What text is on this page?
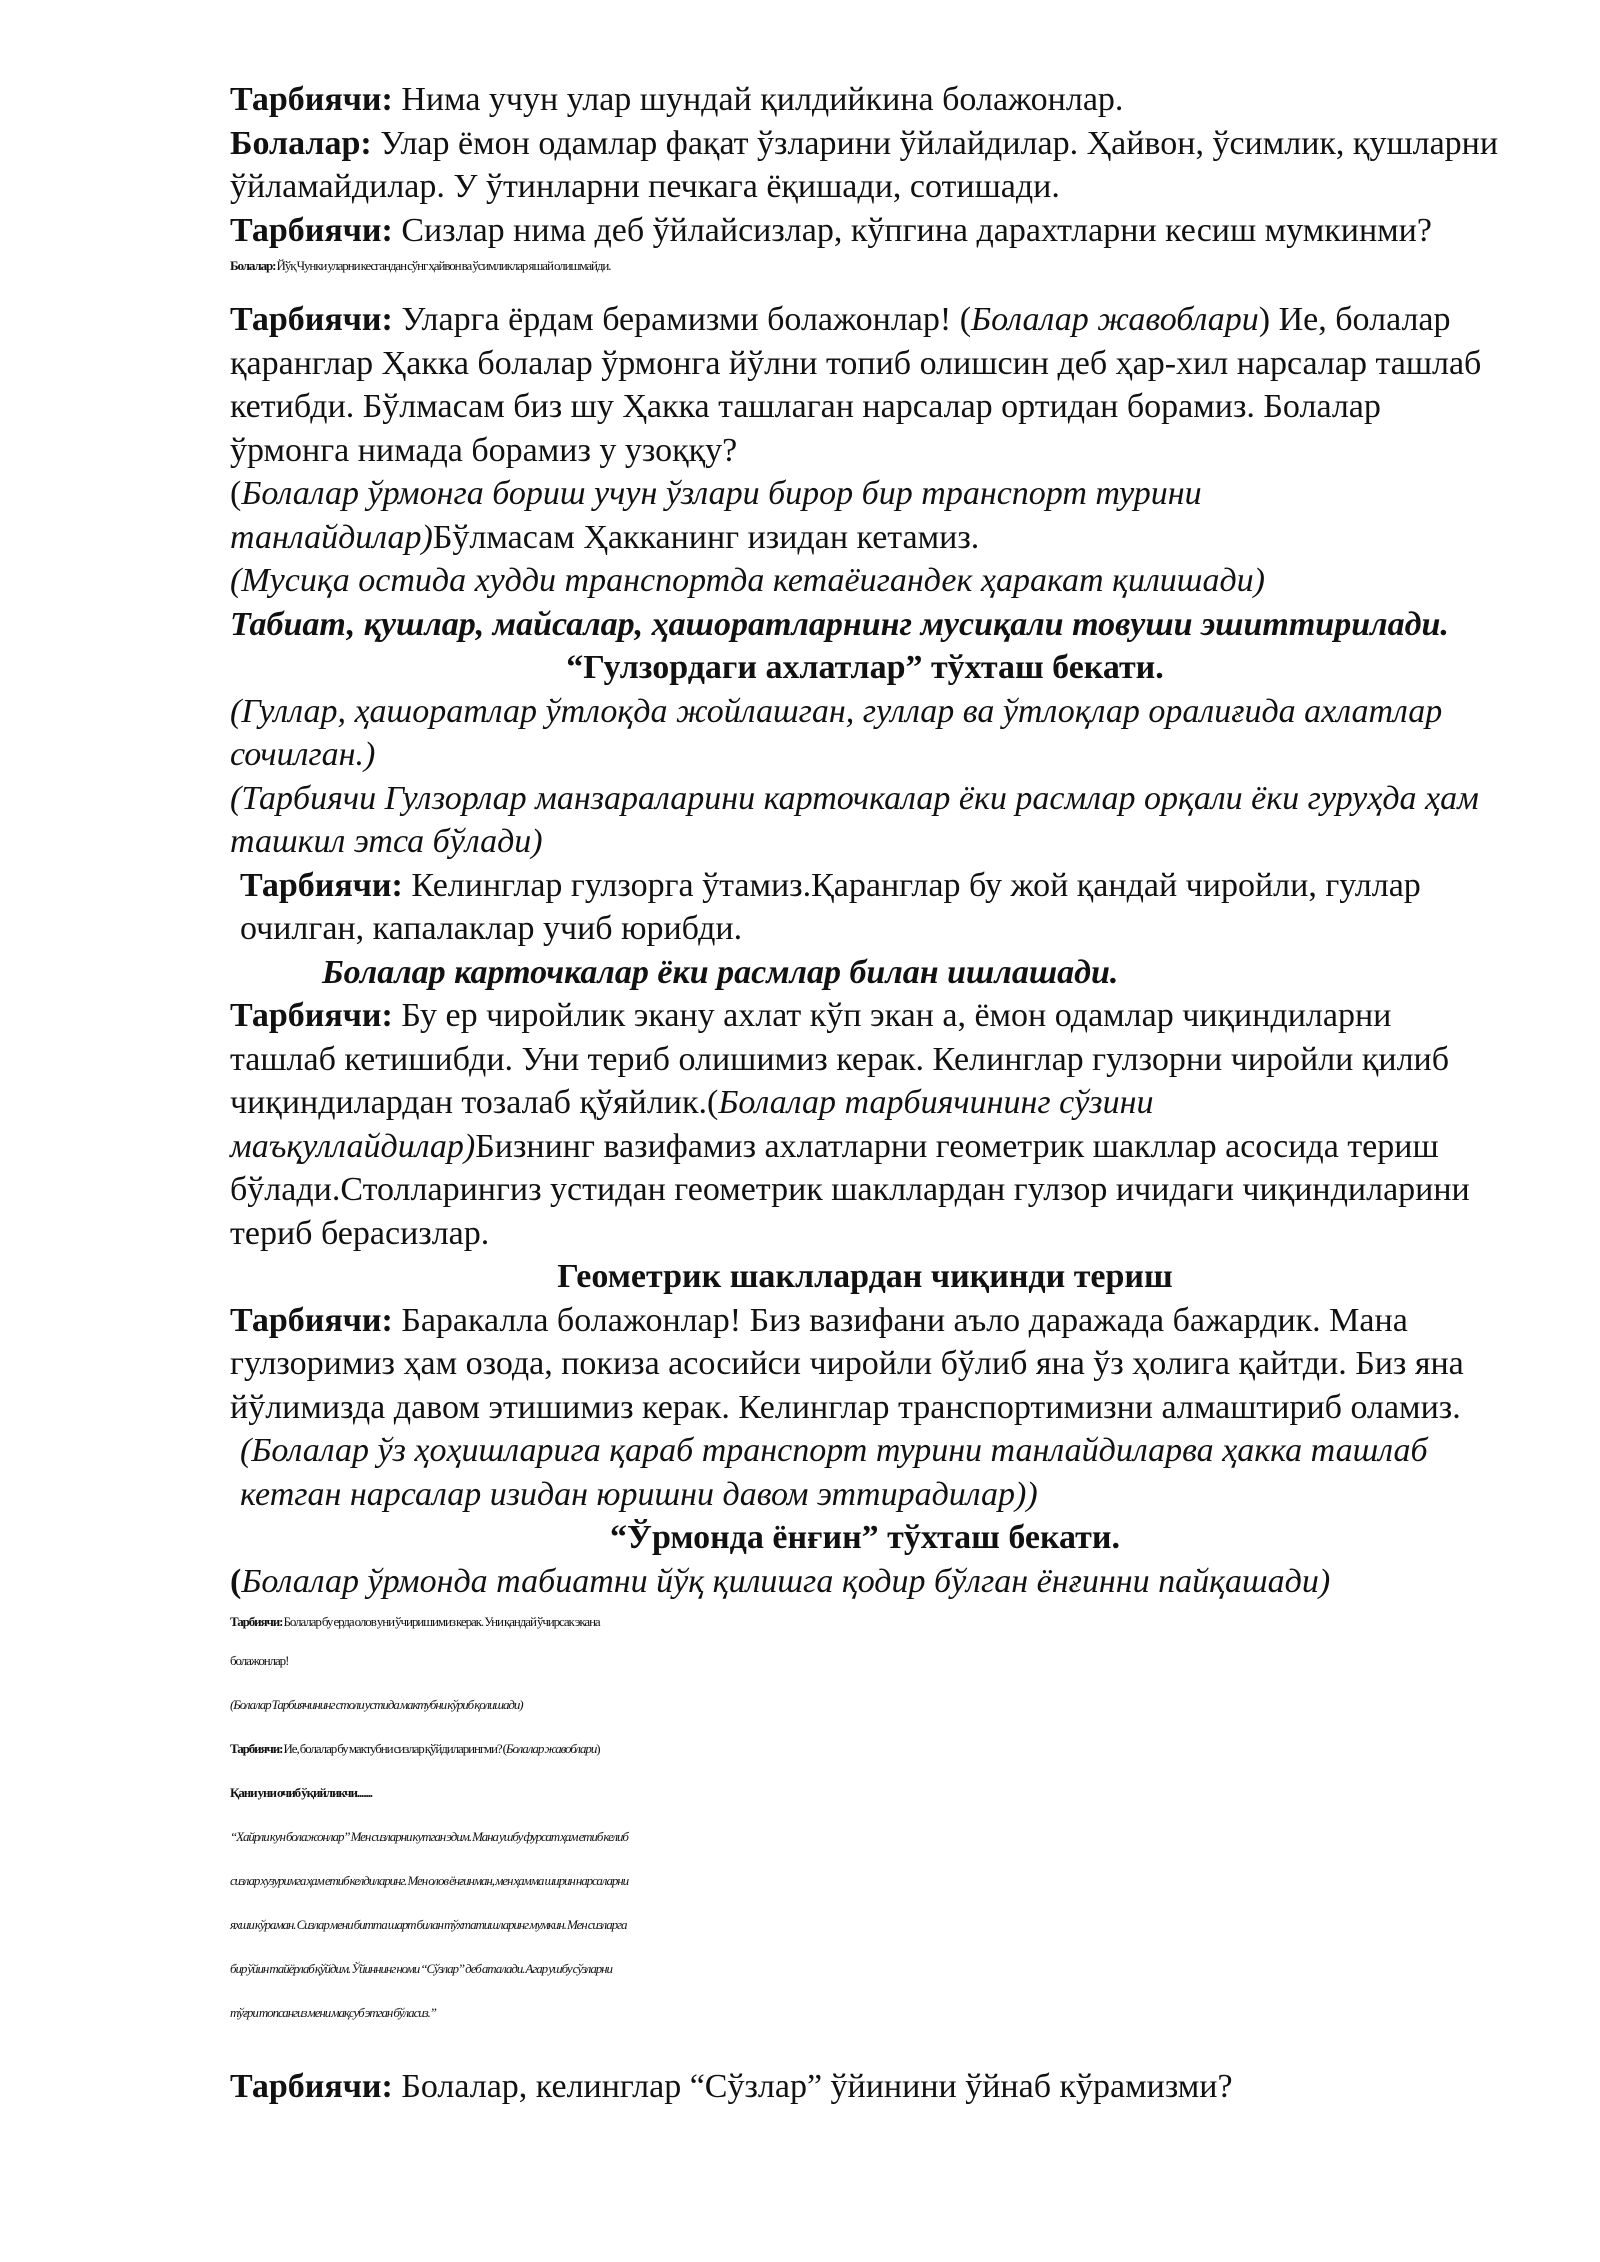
Тарбиячи: Нима учун улар шундай қилдийкина болажонлар.

Болалар: Улар ёмон одамлар фақат ўзларини ўйлайдилар. Ҳайвон, ўсимлик, қушларни ўйламайдилар. У ўтинларни печкага ёқишади, сотишади.

Тарбиячи: Сизлар нима деб ўйлайсизлар, кўпгина дарахтларни кесиш мумкинми?

Болалар: Йўқ Чунки уларни кесгандан сўнг ҳайвон ва ўсимликлар яшай олишмайди.

Тарбиячи: Уларга ёрдам берамизми болажонлар! (Болалар жавоблари) Ие, болалар қаранглар Ҳакка болалар ўрмонга йўлни топиб олишсин деб ҳар-хил нарсалар ташлаб кетибди. Бўлмасам биз шу Ҳакка ташлаган нарсалар ортидан борамиз. Болалар ўрмонга нимада борамиз у узоққу?

(Болалар ўрмонга бориш учун ўзлари бирор бир транспорт турини танлайдилар)Бўлмасам Ҳакканинг изидан кетамиз.

(Мусиқа остида худди транспортда кетаёигандек ҳаракат қилишади)

Табиат, қушлар, майсалар, ҳашоратларнинг мусиқали товуши эшиттирилади.

“Гулзордаги ахлатлар” тўхташ бекати.

(Гуллар, ҳашоратлар ўтлоқда жойлашган, гуллар ва ўтлоқлар оралиғида ахлатлар сочилган.)

(Тарбиячи Гулзорлар манзараларини карточкалар ёки расмлар орқали ёки гуруҳда ҳам ташкил этса бўлади)

Тарбиячи: Келинглар гулзорга ўтамиз.Қаранглар бу жой қандай чиройли, гуллар очилган, капалаклар учиб юрибди.

Болалар карточкалар ёки расмлар билан ишлашади.

Тарбиячи: Бу ер чиройлик экану ахлат кўп экан а, ёмон одамлар чиқиндиларни ташлаб кетишибди. Уни териб олишимиз керак. Келинглар гулзорни чиройли қилиб чиқиндилардан тозалаб қўяйлик.(Болалар тарбиячининг сўзини маъқуллайдилар)Бизнинг вазифамиз ахлатларни геометрик шакллар асосида териш бўлади.Столларингиз устидан геометрик шакллардан гулзор ичидаги чиқиндиларини териб берасизлар.

Геометрик шакллардан чиқинди териш

Тарбиячи: Баракалла болажонлар! Биз вазифани аъло даражада бажардик. Мана гулзоримиз ҳам озода, покиза асосийси чиройли бўлиб яна ўз ҳолига қайтди. Биз яна йўлимизда давом этишимиз керак. Келинглар транспортимизни алмаштириб оламиз.

(Болалар ўз ҳоҳишларига қараб транспорт турини танлайдиларва ҳакка ташлаб кетган нарсалар изидан юришни давом эттирадилар))

“Ўрмонда ёнғин” тўхташ бекати.

(Болалар ўрмонда табиатни йўқ қилишга қодир бўлган ёнғинни пайқашади)

Тарбиячи: Болалар бу ерда олов уни ўчиришимиз керак. Уни қандай ўчирсак экана

болажонлар!

(Болалар Тарбиячининг столи устида мактубни кўриб қолишади)

Тарбиячи: Ие, болалар бу мактубни сизлар қўйдиларингми? (Болалар жавоблари)

Қани уни очиб ўқийликчи.......

“Хайрли кун болажонлар” Мен сизларни кутган эдим. Мана ушбу фурсат ҳам етиб келиб

сизлар хузуримга ҳам етиб келдиларинг. Мен олов ёнғинман, мен ҳамма ширин нарсаларни

яхши кўраман. Сизлар мени битта шарт билан тўхтатишларинг мумкин. Мен сизларга

бир ўйин тайёрлаб қўйдим. Ўйиннинг номи “Сўзлар” деб аталади. Агар ушбу сўзларни

тўғри топсангиз мени мақсуб этган бўласиз.”

Тарбиячи: Болалар, келинглар “Сўзлар” ўйинини ўйнаб кўрамизми?
